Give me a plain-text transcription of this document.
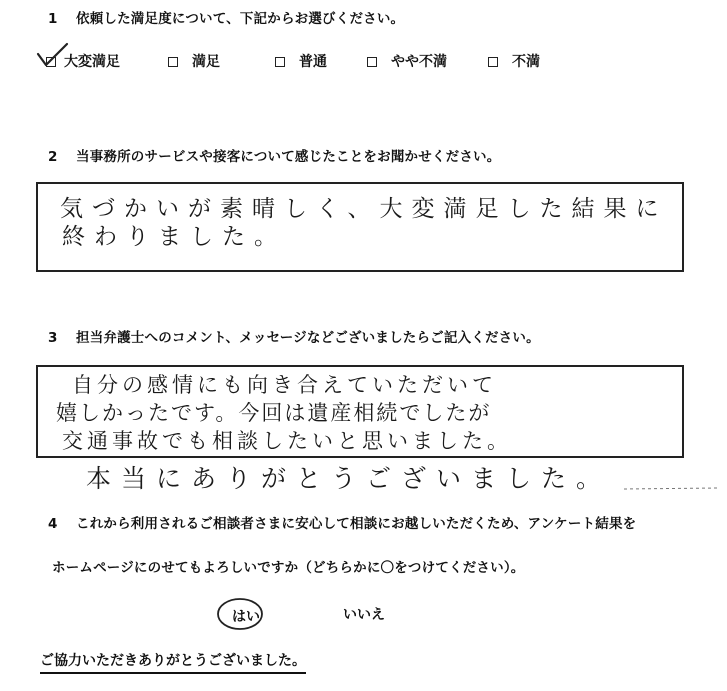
1 依頼した満足度について、下記からお選びください。
大変満足	満足	普通	やや不満	不満
2 当事務所のサービスや接客について感じたことをお聞かせください。
気づかいが素晴しく、大変満足した結果に
終わりました。
3 担当弁護士へのコメント、メッセージなどございましたらご記入ください。
自分の感情にも向き合えていただいて
嬉しかったです。今回は遺産相続でしたが
交通事故でも相談したいと思いました。
本当にありがとうございました。
4 これから利用されるご相談者さまに安心して相談にお越しいただくため、アンケート結果を
ホームページにのせてもよろしいですか（どちらかに〇をつけてください）。
はい	いいえ
ご協力いただきありがとうございました。
